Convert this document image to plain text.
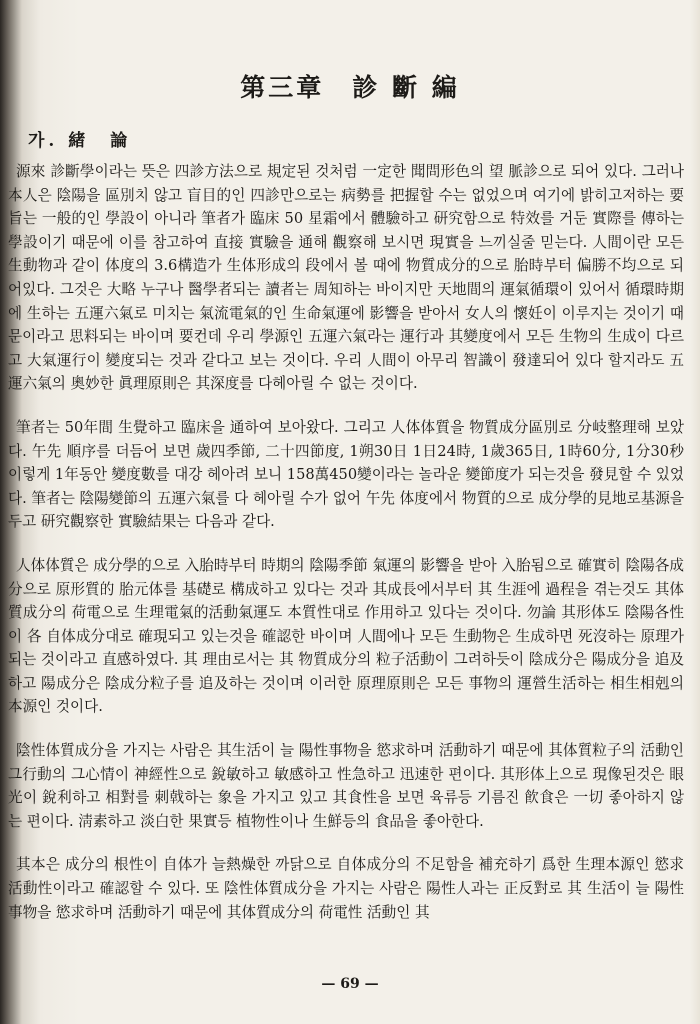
第三章　診 斷 編
가. 緒　論

源來 診斷學이라는 뜻은 四診方法으로 規定된 것처럼 一定한 聞問形色의 望 脈診으로 되어 있다. 그러나 本人은 陰陽을 區別치 않고 盲目的인 四診만으로는 病勢를 把握할 수는 없었으며 여기에 밝히고저하는 要旨는 一般的인 學設이 아니라 筆者가 臨床 50 星霜에서 體驗하고 研究함으로 特效를 거둔 實際를 傳하는 學設이기 때문에 이를 참고하여 直接 實驗을 通해 觀察해 보시면 現實을 느끼실줄 믿는다. 人間이란 모든 生動物과 같이 体度의 3.6構造가 生体形成의 段에서 볼 때에 物質成分的으로 胎時부터 偏勝不均으로 되어있다. 그것은 大略 누구나 醫學者되는 讀者는 周知하는 바이지만 天地間의 運氣循環이 있어서 循環時期에 生하는 五運六氣로 미치는 氣流電氣的인 生命氣運에 影響을 받아서 女人의 懷妊이 이루지는 것이기 때문이라고 思料되는 바이며 要컨데 우리 學源인 五運六氣라는 運行과 其變度에서 모든 生物의 生成이 다르고 大氣運行이 變度되는 것과 같다고 보는 것이다. 우리 人間이 아무리 智識이 發達되어 있다 할지라도 五運六氣의 奧妙한 眞理原則은 其深度를 다헤아릴 수 없는 것이다.

筆者는 50年間 生覺하고 臨床을 通하여 보아왔다. 그리고 人体体質을 物質成分區別로 分岐整理해 보았다. 午先 順序를 더듬어 보면 歲四季節, 二十四節度, 1朔30日 1日24時, 1歲365日, 1時60分, 1分30秒 이렇게 1年동안 變度數를 대강 헤아려 보니 158萬450變이라는 놀라운 變節度가 되는것을 發見할 수 있었다. 筆者는 陰陽變節의 五運六氣를 다 헤아릴 수가 없어 午先 体度에서 物質的으로 成分學的見地로基源을 두고 研究觀察한 實驗結果는 다음과 같다.

人体体質은 成分學的으로 入胎時부터 時期의 陰陽季節 氣運의 影響을 받아 入胎됨으로 確實히 陰陽各成分으로 原形質的 胎元体를 基礎로 構成하고 있다는 것과 其成長에서부터 其 生涯에 過程을 겪는것도 其体質成分의 荷電으로 生理電氣的活動氣運도 本質性대로 作用하고 있다는 것이다. 勿論 其形体도 陰陽各性이 各 自体成分대로 確現되고 있는것을 確認한 바이며 人間에나 모든 生動物은 生成하면 死沒하는 原理가 되는 것이라고 直感하였다. 其 理由로서는 其 物質成分의 粒子活動이 그려하듯이 陰成分은 陽成分을 追及하고 陽成分은 陰成分粒子를 追及하는 것이며 이러한 原理原則은 모든 事物의 運營生活하는 相生相剋의 本源인 것이다.

陰性体質成分을 가지는 사람은 其生活이 늘 陽性事物을 慾求하며 活動하기 때문에 其体質粒子의 活動인 그行動의 그心情이 神經性으로 銳敏하고 敏感하고 性急하고 迅速한 편이다. 其形体上으로 現像된것은 眼光이 銳利하고 相對를 刺戟하는 象을 가지고 있고 其食性을 보면 육류등 기름진 飮食은 一切 좋아하지 않는 편이다. 淸素하고 淡白한 果實등 植物性이나 生鮮등의 食品을 좋아한다.

其本은 成分의 根性이 自体가 늘熱燥한 까닭으로 自体成分의 不足함을 補充하기 爲한 生理本源인 慾求活動性이라고 確認할 수 있다. 또 陰性体質成分을 가지는 사람은 陽性人과는 正反對로 其 生活이 늘 陽性事物을 慾求하며 活動하기 때문에 其体質成分의 荷電性 活動인 其

— 69 —
